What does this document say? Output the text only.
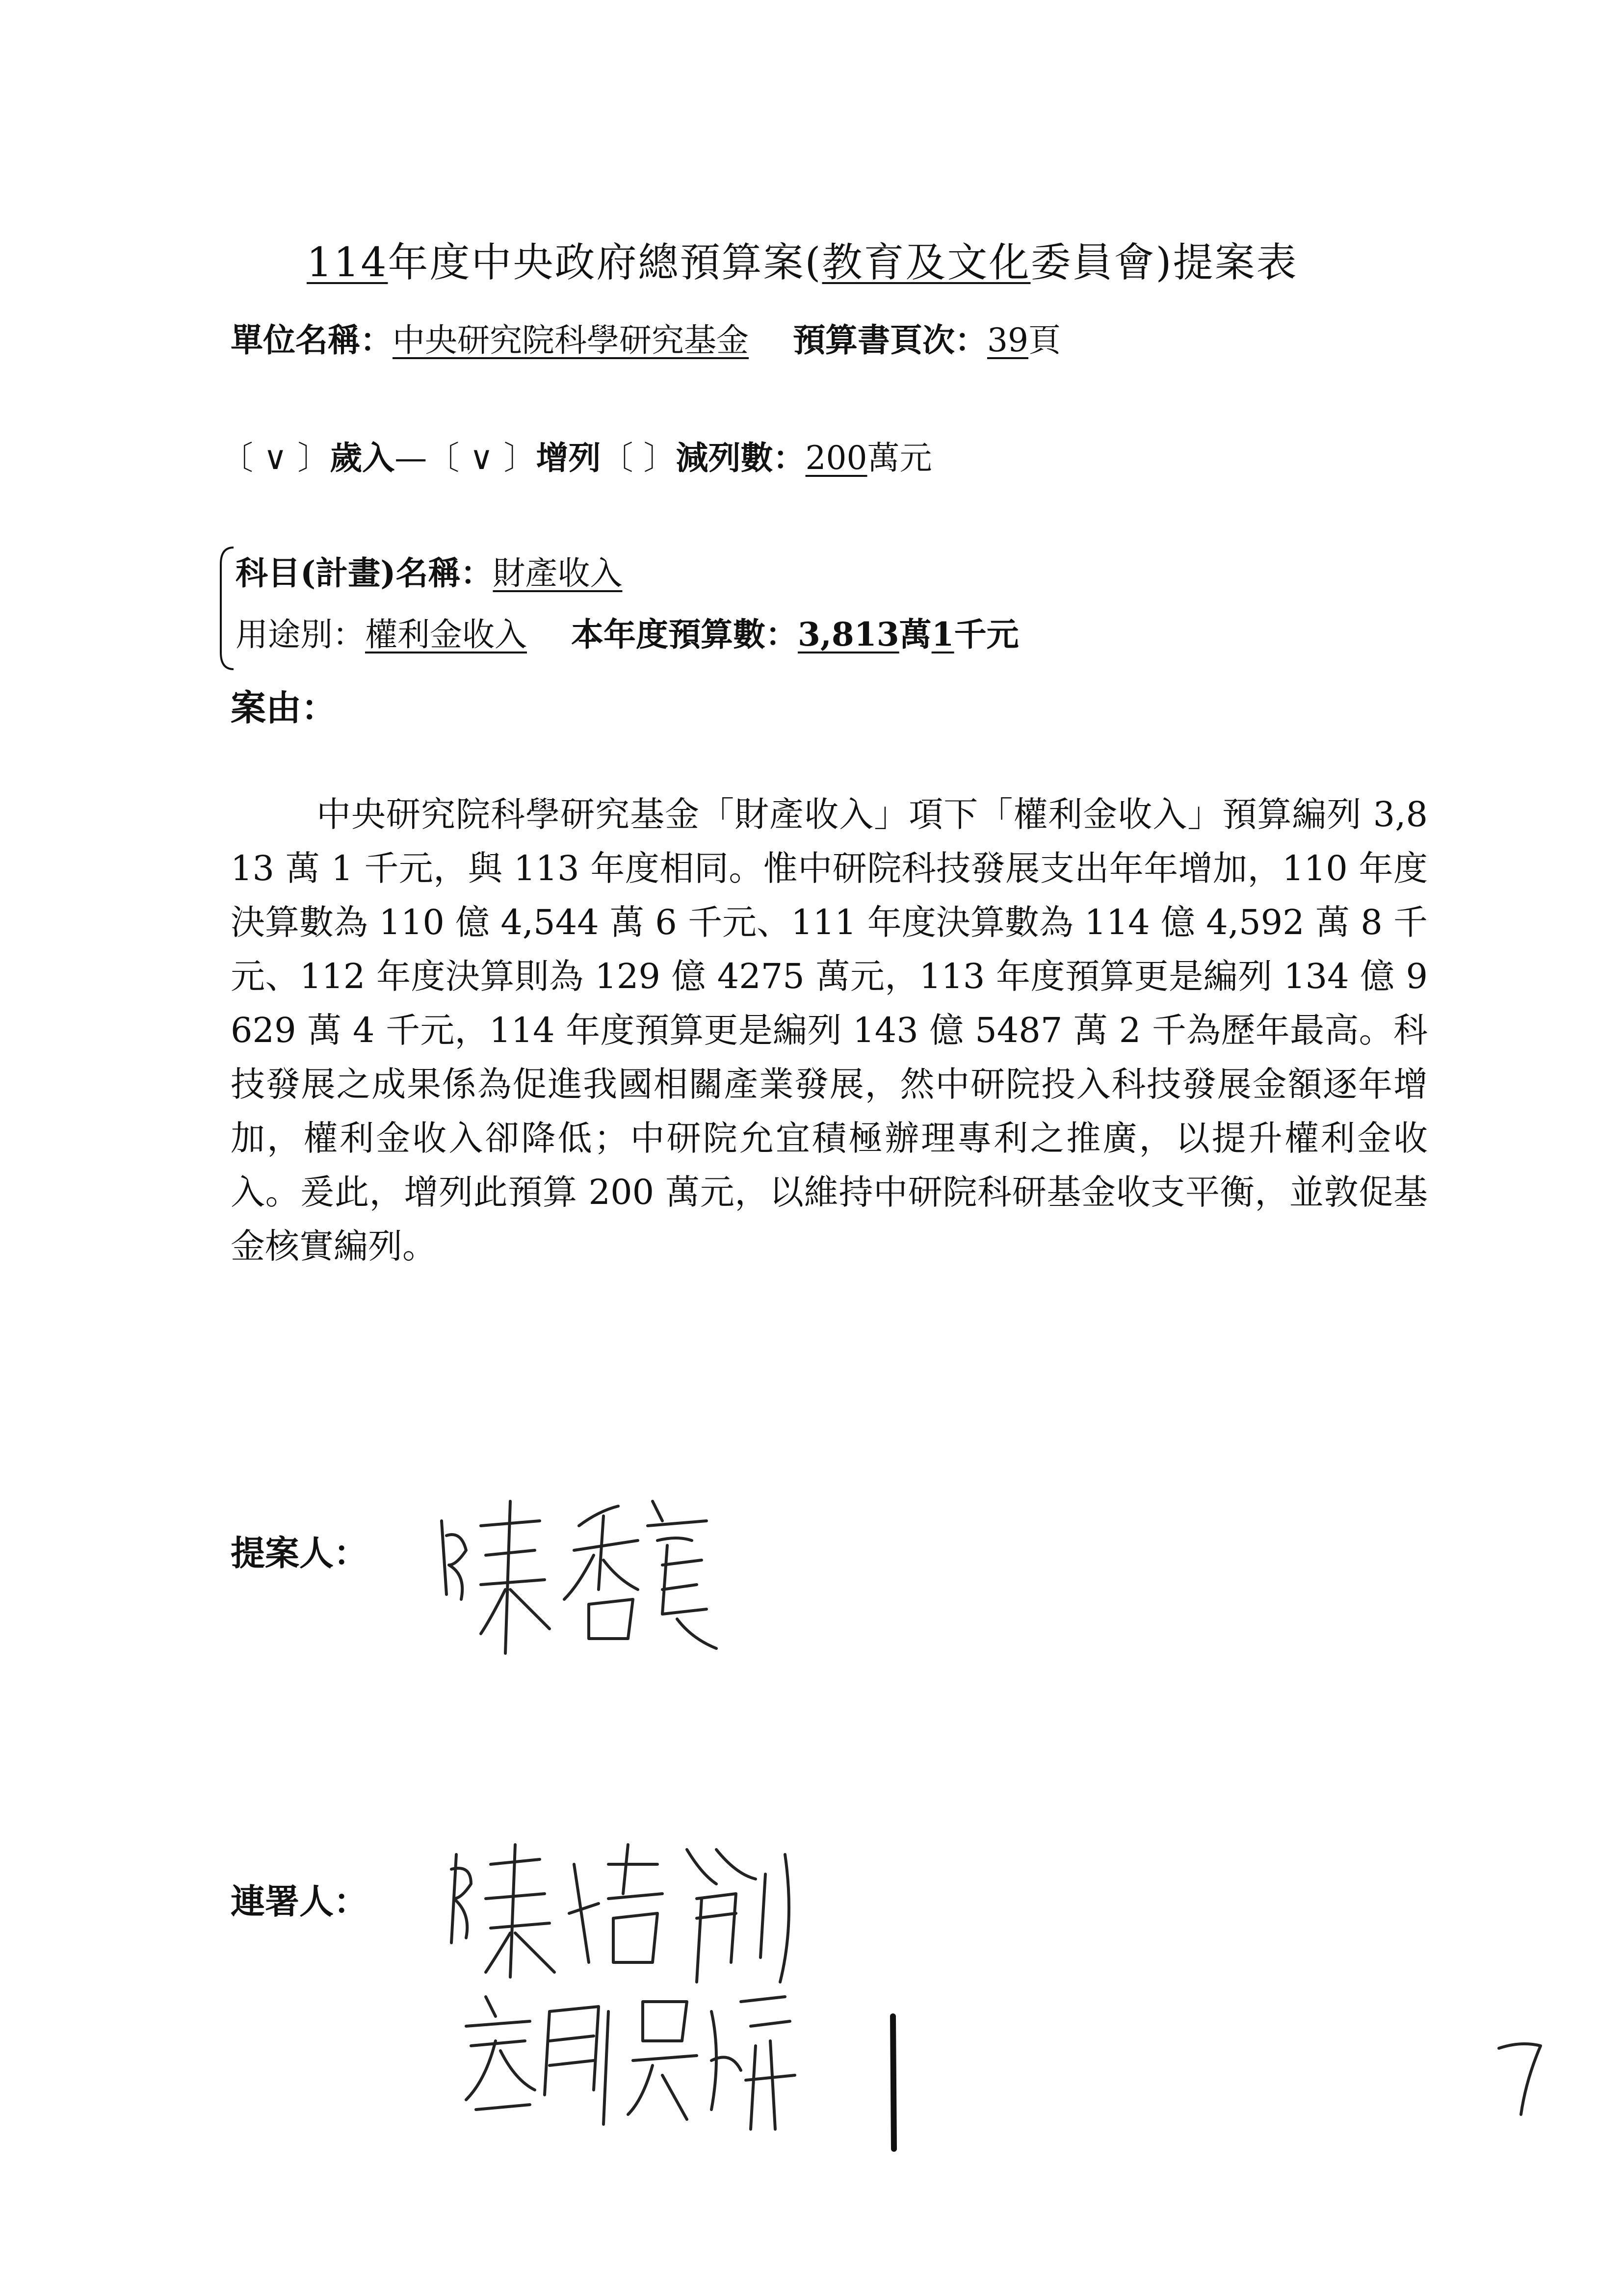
114年度中央政府總預算案(教育及文化委員會)提案表
單位名稱：中央研究院科學研究基金 預算書頁次：39頁
〔 ∨ 〕歲入—〔 ∨ 〕增列〔 〕減列數：200萬元
科目(計畫)名稱：財產收入
用途別：權利金收入 本年度預算數：3,813萬1千元
案由：
中央研究院科學研究基金「財產收入」項下「權利金收入」預算編列 3,813 萬 1 千元，與 113 年度相同。惟中研院科技發展支出年年增加，110 年度決算數為 110 億 4,544 萬 6 千元、111 年度決算數為 114 億 4,592 萬 8 千元、112 年度決算則為 129 億 4275 萬元，113 年度預算更是編列 134 億 9629 萬 4 千元，114 年度預算更是編列 143 億 5487 萬 2 千為歷年最高。科技發展之成果係為促進我國相關產業發展，然中研院投入科技發展金額逐年增加，權利金收入卻降低；中研院允宜積極辦理專利之推廣，以提升權利金收入。爰此，增列此預算 200 萬元，以維持中研院科研基金收支平衡，並敦促基金核實編列。
提案人：
連署人：
